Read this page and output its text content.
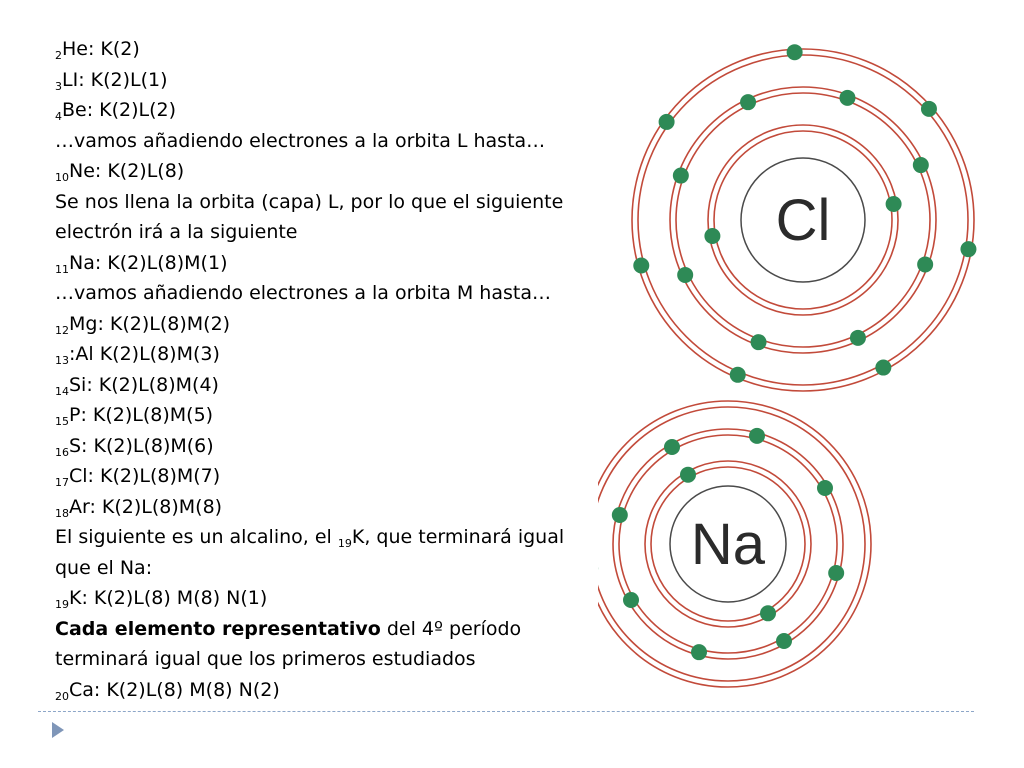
$_2$He: K(2)
$_3$LI: K(2)L(1)
$_4$Be: K(2)L(2)
…vamos añadiendo electrones a la orbita L hasta…
$_{10}$Ne: K(2)L(8)
Se nos llena la orbita (capa) L, por lo que el siguiente
electrón irá a la siguiente
$_{11}$Na: K(2)L(8)M(1)
…vamos añadiendo electrones a la orbita M hasta…
$_{12}$Mg: K(2)L(8)M(2)
$_{13}$:Al K(2)L(8)M(3)
$_{14}$Si: K(2)L(8)M(4)
$_{15}$P: K(2)L(8)M(5)
$_{16}$S: K(2)L(8)M(6)
$_{17}$Cl: K(2)L(8)M(7)
$_{18}$Ar: K(2)L(8)M(8)
El siguiente es un alcalino, el $_{19}$K, que terminará igual
que el Na:
$_{19}$K: K(2)L(8) M(8) N(1)
Cada elemento representativo del 4º período
terminará igual que los primeros estudiados
$_{20}$Ca: K(2)L(8) M(8) N(2)
Cl
Na
